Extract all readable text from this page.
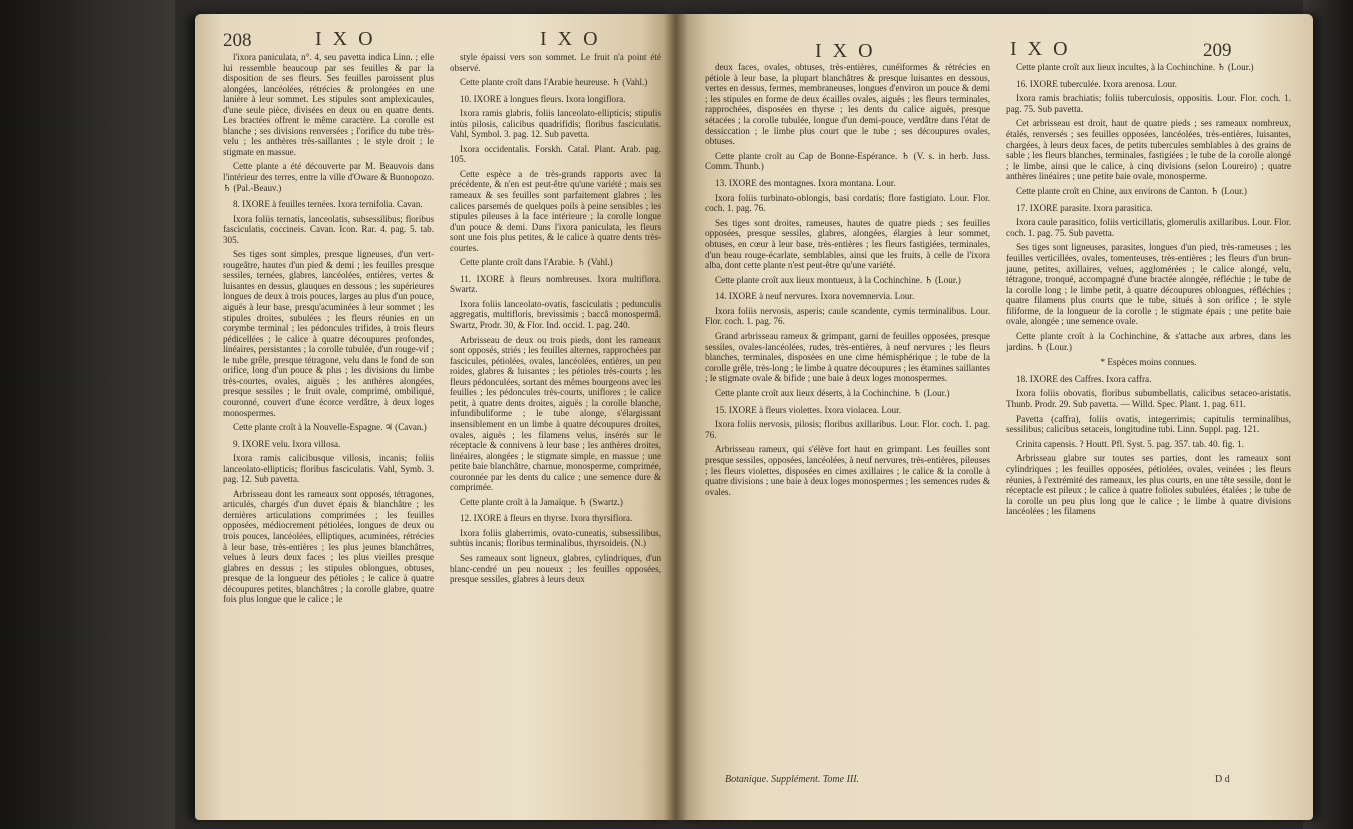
208	I X O	I X O

l'ixora paniculata, n°. 4, seu pavetta indica Linn. ; elle lui ressemble beaucoup par ses feuilles & par la disposition de ses fleurs. Ses feuilles paroissent plus alongées, lancéolées, rétrécies & prolongées en une lanière à leur sommet. Les stipules sont amplexicaules, d'une seule pièce, divisées en deux ou en quatre dents. Les bractées offrent le même caractère. La corolle est blanche ; ses divisions renversées ; l'orifice du tube très-velu ; les anthères très-saillantes ; le style droit ; le stigmate en massue.

Cette plante a été découverte par M. Beauvois dans l'intérieur des terres, entre la ville d'Oware & Buonopozo. ♄ (Pal.-Beauv.)

8. IXORE à feuilles ternées. Ixora ternifolia. Cavan.

Ixora foliis ternatis, lanceolatis, subsessilibus; floribus fasciculatis, coccineis. Cavan. Icon. Rar. 4. pag. 5. tab. 305.

Ses tiges sont simples, presque ligneuses, d'un vert-rougeâtre, hautes d'un pied & demi ; les feuilles presque sessiles, ternées, glabres, lancéolées, entières, vertes & luisantes en dessus, glauques en dessous ; les supérieures longues de deux à trois pouces, larges au plus d'un pouce, aiguës à leur base, presqu'acuminées à leur sommet ; les stipules droites, subulées ; les fleurs réunies en un corymbe terminal ; les pédoncules trifides, à trois fleurs pédicellées ; le calice à quatre découpures profondes, linéaires, persistantes ; la corolle tubulée, d'un rouge-vif ; le tube grêle, presque tétragone, velu dans le fond de son orifice, long d'un pouce & plus ; les divisions du limbe très-courtes, ovales, aiguës ; les anthères alongées, presque sessiles ; le fruit ovale, comprimé, ombiliqué, couronné, couvert d'une écorce verdâtre, à deux loges monospermes.

Cette plante croît à la Nouvelle-Espagne. ♃ (Cavan.)

9. IXORE velu. Ixora villosa.

Ixora ramis calicibusque villosis, incanis; foliis lanceolato-ellipticis; floribus fasciculatis. Vahl, Symb. 3. pag. 12. Sub pavetta.

Arbrisseau dont les rameaux sont opposés, tétragones, articulés, chargés d'un duvet épais & blanchâtre ; les dernières articulations comprimées ; les feuilles opposées, médiocrement pétiolées, longues de deux ou trois pouces, lancéolées, elliptiques, acuminées, rétrécies à leur base, très-entières ; les plus jeunes blanchâtres, velues à leurs deux faces ; les plus vieilles presque glabres en dessus ; les stipules oblongues, obtuses, presque de la longueur des pétioles ; le calice à quatre découpures petites, blanchâtres ; la corolle glabre, quatre fois plus longue que le calice ; le

style épaissi vers son sommet. Le fruit n'a point été observé.

Cette plante croît dans l'Arabie heureuse. ♄ (Vahl.)

10. IXORE à longues fleurs. Ixora longiflora.

Ixora ramis glabris, foliis lanceolato-ellipticis; stipulis intùs pilosis, calicibus quadrifidis; floribus fasciculatis. Vahl, Symbol. 3. pag. 12. Sub pavetta.

Ixora occidentalis. Forskh. Catal. Plant. Arab. pag. 105.

Cette espèce a de très-grands rapports avec la précédente, & n'en est peut-être qu'une variété ; mais ses rameaux & ses feuilles sont parfaitement glabres ; les calices parsemés de quelques poils à peine sensibles ; les stipules pileuses à la face intérieure ; la corolle longue d'un pouce & demi. Dans l'ixora paniculata, les fleurs sont une fois plus petites, & le calice à quatre dents très-courtes.

Cette plante croît dans l'Arabie. ♄ (Vahl.)

11. IXORE à fleurs nombreuses. Ixora multiflora. Swartz.

Ixora foliis lanceolato-ovatis, fasciculatis ; pedunculis aggregatis, multifloris, brevissimis ; baccâ monospermâ. Swartz, Prodr. 30, & Flor. Ind. occid. 1. pag. 240.

Arbrisseau de deux ou trois pieds, dont les rameaux sont opposés, striés ; les feuilles alternes, rapprochées par fascicules, pétiolées, ovales, lancéolées, entières, un peu roides, glabres & luisantes ; les pétioles très-courts ; les fleurs pédonculées, sortant des mêmes bourgeons avec les feuilles ; les pédoncules très-courts, uniflores ; le calice petit, à quatre dents droites, aiguës ; la corolle blanche, infundibuliforme ; le tube alonge, s'élargissant insensiblement en un limbe à quatre découpures droites, ovales, aiguës ; les filamens velus, insérés sur le réceptacle & connivens à leur base ; les anthères droites, linéaires, alongées ; le stigmate simple, en massue ; une petite baie blanchâtre, charnue, monosperme, comprimée, couronnée par les dents du calice ; une semence dure & comprimée.

Cette plante croît à la Jamaïque. ♄ (Swartz.)

12. IXORE à fleurs en thyrse. Ixora thyrsiflora.

Ixora foliis glaberrimis, ovato-cuneatis, subsessilibus, subtùs incanis; floribus terminalibus, thyrsoideis. (N.)

Ses rameaux sont ligneux, glabres, cylindriques, d'un blanc-cendré un peu noueux ; les feuilles opposées, presque sessiles, glabres à leurs deux

I X O	I X O	209

deux faces, ovales, obtuses, très-entières, cunéiformes & rétrécies en pétiole à leur base, la plupart blanchâtres & presque luisantes en dessous, vertes en dessus, fermes, membraneuses, longues d'environ un pouce & demi ; les stipules en forme de deux écailles ovales, aiguës ; les fleurs terminales, rapprochées, disposées en thyrse ; les dents du calice aiguës, presque sétacées ; la corolle tubulée, longue d'un demi-pouce, verdâtre dans l'état de dessiccation ; le limbe plus court que le tube ; ses découpures ovales, obtuses.

Cette plante croît au Cap de Bonne-Espérance. ♄ (V. s. in herb. Juss. Comm. Thunb.)

13. IXORE des montagnes. Ixora montana. Lour.

Ixora foliis turbinato-oblongis, basi cordatis; flore fastigiato. Lour. Flor. coch. 1. pag. 76.

Ses tiges sont droites, rameuses, hautes de quatre pieds ; ses feuilles opposées, presque sessiles, glabres, alongées, élargies à leur sommet, obtuses, en cœur à leur base, très-entières ; les fleurs fastigiées, terminales, d'un beau rouge-écarlate, semblables, ainsi que les fruits, à celle de l'ixora alba, dont cette plante n'est peut-être qu'une variété.

Cette plante croît aux lieux montueux, à la Cochinchine. ♄ (Lour.)

14. IXORE à neuf nervures. Ixora novemnervia. Lour.

Ixora foliis nervosis, asperis; caule scandente, cymis terminalibus. Lour. Flor. coch. 1. pag. 76.

Grand arbrisseau rameux & grimpant, garni de feuilles opposées, presque sessiles, ovales-lancéolées, rudes, très-entières, à neuf nervures ; les fleurs blanches, terminales, disposées en une cime hémisphérique ; le tube de la corolle grêle, très-long ; le limbe à quatre découpures ; les étamines saillantes ; le stigmate ovale & bifide ; une baie à deux loges monospermes.

Cette plante croît aux lieux déserts, à la Cochinchine. ♄ (Lour.)

15. IXORE à fleurs violettes. Ixora violacea. Lour.

Ixora foliis nervosis, pilosis; floribus axillaribus. Lour. Flor. coch. 1. pag. 76.

Arbrisseau rameux, qui s'élève fort haut en grimpant. Les feuilles sont presque sessiles, opposées, lancéolées, à neuf nervures, très-entières, pileuses ; les fleurs violettes, disposées en cimes axillaires ; le calice & la corolle à quatre divisions ; une baie à deux loges monospermes ; les semences rudes & ovales.

Cette plante croît aux lieux incultes, à la Cochinchine. ♄ (Lour.)

16. IXORE tuberculée. Ixora arenosa. Lour.

Ixora ramis brachiatis; foliis tuberculosis, oppositis. Lour. Flor. coch. 1. pag. 75. Sub pavetta.

Cet arbrisseau est droit, haut de quatre pieds ; ses rameaux nombreux, étalés, renversés ; ses feuilles opposées, lancéolées, très-entières, luisantes, chargées, à leurs deux faces, de petits tubercules semblables à des grains de sable ; les fleurs blanches, terminales, fastigiées ; le tube de la corolle alongé ; le limbe, ainsi que le calice, à cinq divisions (selon Loureiro) ; quatre anthères linéaires ; une petite baie ovale, monosperme.

Cette plante croît en Chine, aux environs de Canton. ♄ (Lour.)

17. IXORE parasite. Ixora parasitica.

Ixora caule parasitico, foliis verticillatis, glomerulis axillaribus. Lour. Flor. coch. 1. pag. 75. Sub pavetta.

Ses tiges sont ligneuses, parasites, longues d'un pied, très-rameuses ; les feuilles verticillées, ovales, tomenteuses, très-entières ; les fleurs d'un brun-jaune, petites, axillaires, velues, agglomérées ; le calice alongé, velu, tétragone, tronqué, accompagné d'une bractée alongée, réfléchie ; le tube de la corolle long ; le limbe petit, à quatre découpures oblongues, réfléchies ; quatre filamens plus courts que le tube, situés à son orifice ; le style filiforme, de la longueur de la corolle ; le stigmate épais ; une petite baie ovale, alongée ; une semence ovale.

Cette plante croît à la Cochinchine, & s'attache aux arbres, dans les jardins. ♄ (Lour.)

* Espèces moins connues.

18. IXORE des Caffres. Ixora caffra.

Ixora foliis obovatis, floribus subumbellatis, calicibus setaceo-aristatis. Thunb. Prodr. 29. Sub pavetta. — Willd. Spec. Plant. 1. pag. 611.

Pavetta (caffra), foliis ovatis, integerrimis; capitulis terminalibus, sessilibus; calicibus setaceis, longitudine tubi. Linn. Suppl. pag. 121.

Crinita capensis. ? Houtt. Pfl. Syst. 5. pag. 357. tab. 40. fig. 1.

Arbrisseau glabre sur toutes ses parties, dont les rameaux sont cylindriques ; les feuilles opposées, pétiolées, ovales, veinées ; les fleurs réunies, à l'extrémité des rameaux, les plus courts, en une tête sessile, dont le réceptacle est pileux ; le calice à quatre folioles subulées, étalées ; le tube de la corolle un peu plus long que le calice ; le limbe à quatre divisions lancéolées ; les filamens

Botanique. Supplément. Tome III.	D d
